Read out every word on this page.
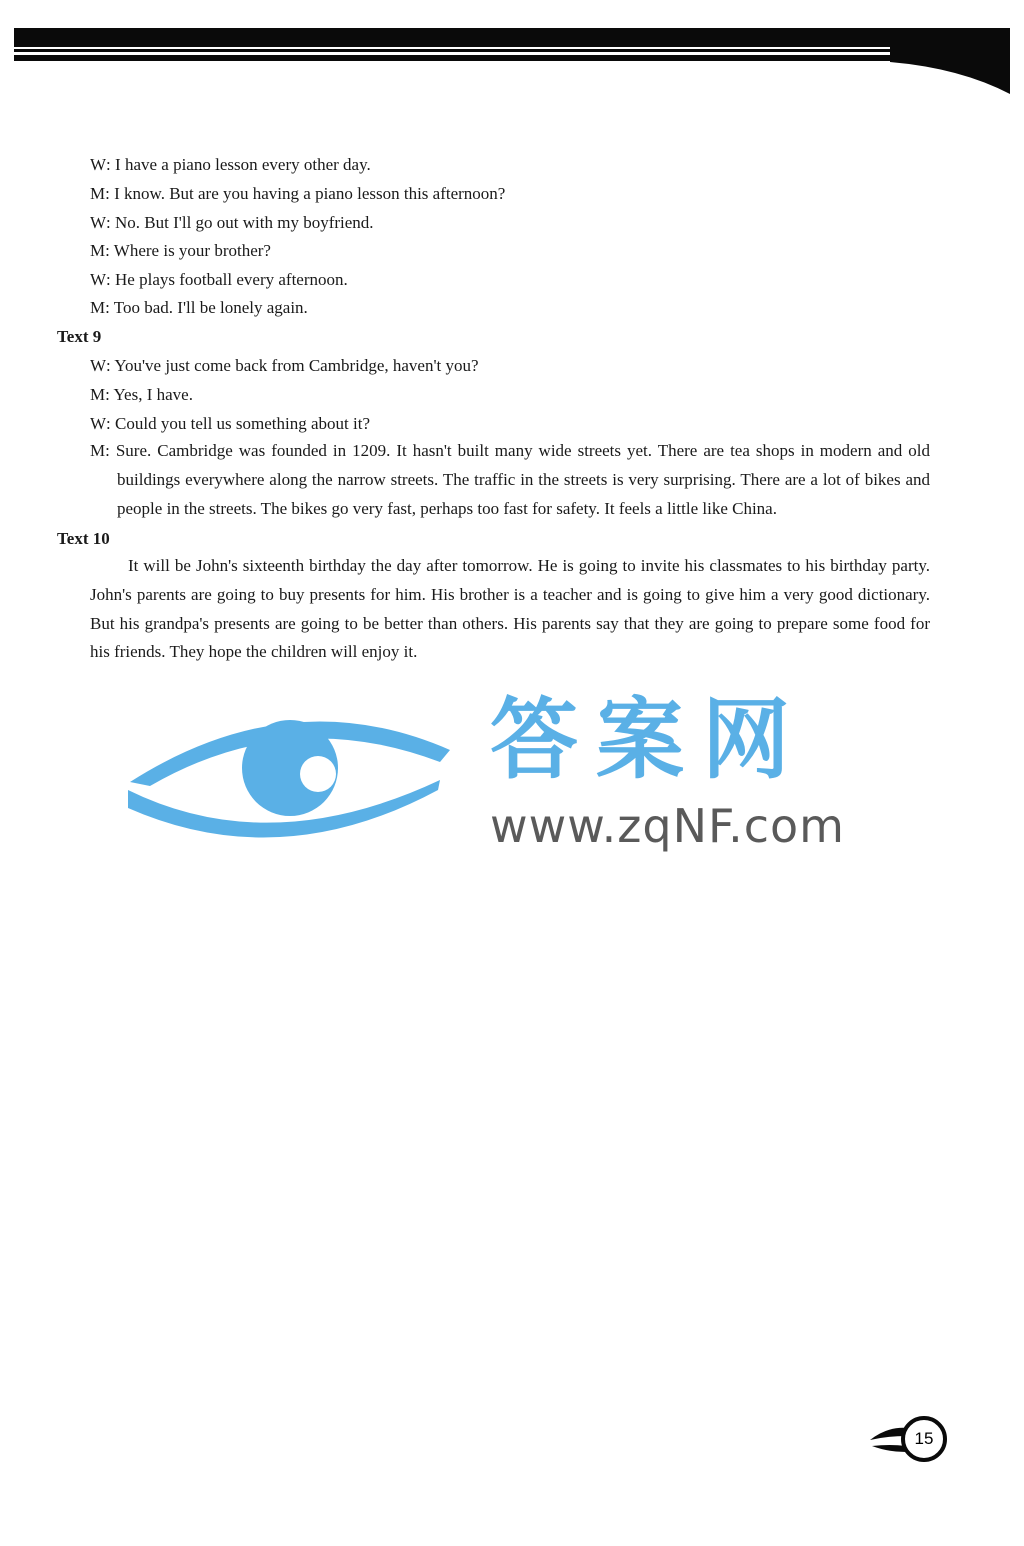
W: I have a piano lesson every other day.
M: I know. But are you having a piano lesson this afternoon?
W: No. But I'll go out with my boyfriend.
M: Where is your brother?
W: He plays football every afternoon.
M: Too bad. I'll be lonely again.
Text 9
W: You've just come back from Cambridge, haven't you?
M: Yes, I have.
W: Could you tell us something about it?

M: Sure. Cambridge was founded in 1209. It hasn't built many wide streets yet. There are tea shops in modern and old buildings everywhere along the narrow streets. The traffic in the streets is very surprising. There are a lot of bikes and people in the streets. The bikes go very fast, perhaps too fast for safety. It feels a little like China.

Text 10

It will be John's sixteenth birthday the day after tomorrow. He is going to invite his classmates to his birthday party. John's parents are going to buy presents for him. His brother is a teacher and is going to give him a very good dictionary. But his grandpa's presents are going to be better than others. His parents say that they are going to prepare some food for his friends. They hope the children will enjoy it.

答案网
www.zqNF.com
15
